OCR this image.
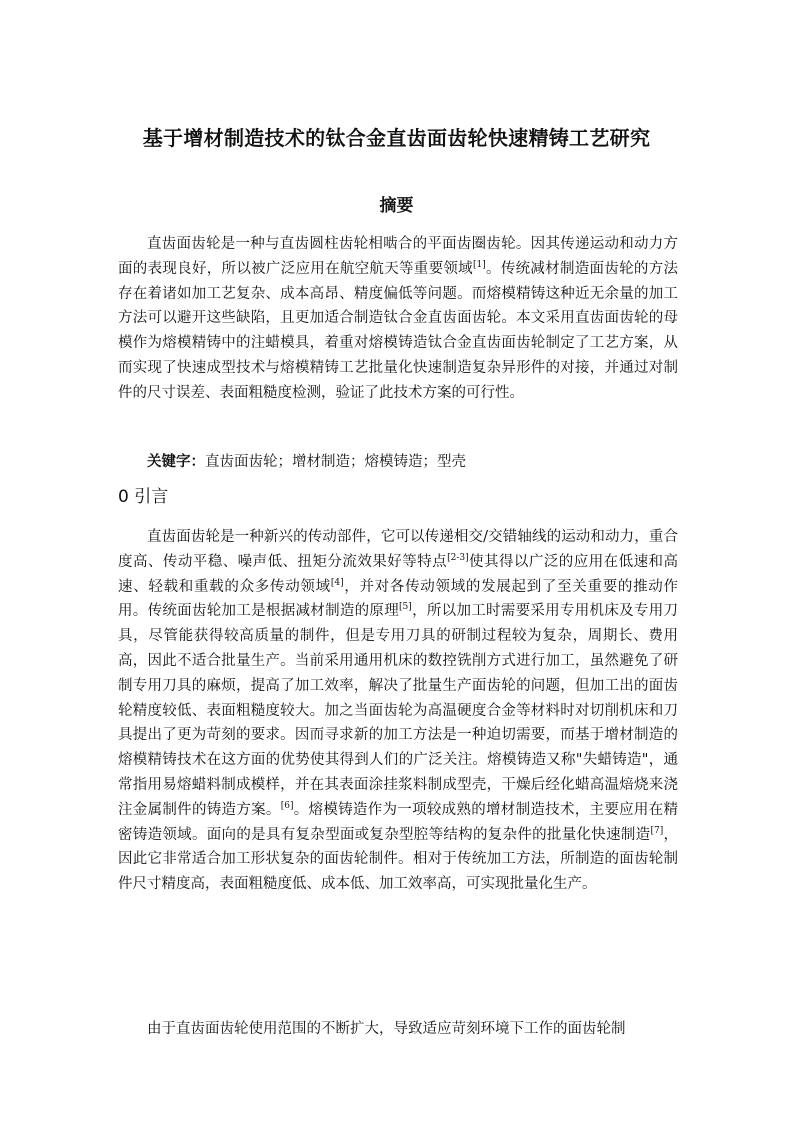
基于增材制造技术的钛合金直齿面齿轮快速精铸工艺研究
摘要

直齿面齿轮是一种与直齿圆柱齿轮相啮合的平面齿圈齿轮。因其传递运动和动力方面的表现良好，所以被广泛应用在航空航天等重要领域[1]。传统减材制造面齿轮的方法存在着诸如加工艺复杂、成本高昂、精度偏低等问题。而熔模精铸这种近无余量的加工方法可以避开这些缺陷，且更加适合制造钛合金直齿面齿轮。本文采用直齿面齿轮的母模作为熔模精铸中的注蜡模具，着重对熔模铸造钛合金直齿面齿轮制定了工艺方案，从而实现了快速成型技术与熔模精铸工艺批量化快速制造复杂异形件的对接，并通过对制件的尺寸误差、表面粗糙度检测，验证了此技术方案的可行性。

关键字：直齿面齿轮；增材制造；熔模铸造；型壳

0 引言

直齿面齿轮是一种新兴的传动部件，它可以传递相交/交错轴线的运动和动力，重合度高、传动平稳、噪声低、扭矩分流效果好等特点[2-3]使其得以广泛的应用在低速和高速、轻载和重载的众多传动领域[4]，并对各传动领域的发展起到了至关重要的推动作用。传统面齿轮加工是根据减材制造的原理[5]，所以加工时需要采用专用机床及专用刀具，尽管能获得较高质量的制件，但是专用刀具的研制过程较为复杂，周期长、费用高，因此不适合批量生产。当前采用通用机床的数控铣削方式进行加工，虽然避免了研制专用刀具的麻烦，提高了加工效率，解决了批量生产面齿轮的问题，但加工出的面齿轮精度较低、表面粗糙度较大。加之当面齿轮为高温硬度合金等材料时对切削机床和刀具提出了更为苛刻的要求。因而寻求新的加工方法是一种迫切需要，而基于增材制造的熔模精铸技术在这方面的优势使其得到人们的广泛关注。熔模铸造又称"失蜡铸造"，通常指用易熔蜡料制成模样，并在其表面涂挂浆料制成型壳，干燥后经化蜡高温焙烧来浇注金属制件的铸造方案。[6]。熔模铸造作为一项较成熟的增材制造技术，主要应用在精密铸造领域。面向的是具有复杂型面或复杂型腔等结构的复杂件的批量化快速制造[7]，因此它非常适合加工形状复杂的面齿轮制件。相对于传统加工方法，所制造的面齿轮制件尺寸精度高，表面粗糙度低、成本低、加工效率高，可实现批量化生产。

由于直齿面齿轮使用范围的不断扩大，导致适应苛刻环境下工作的面齿轮制
